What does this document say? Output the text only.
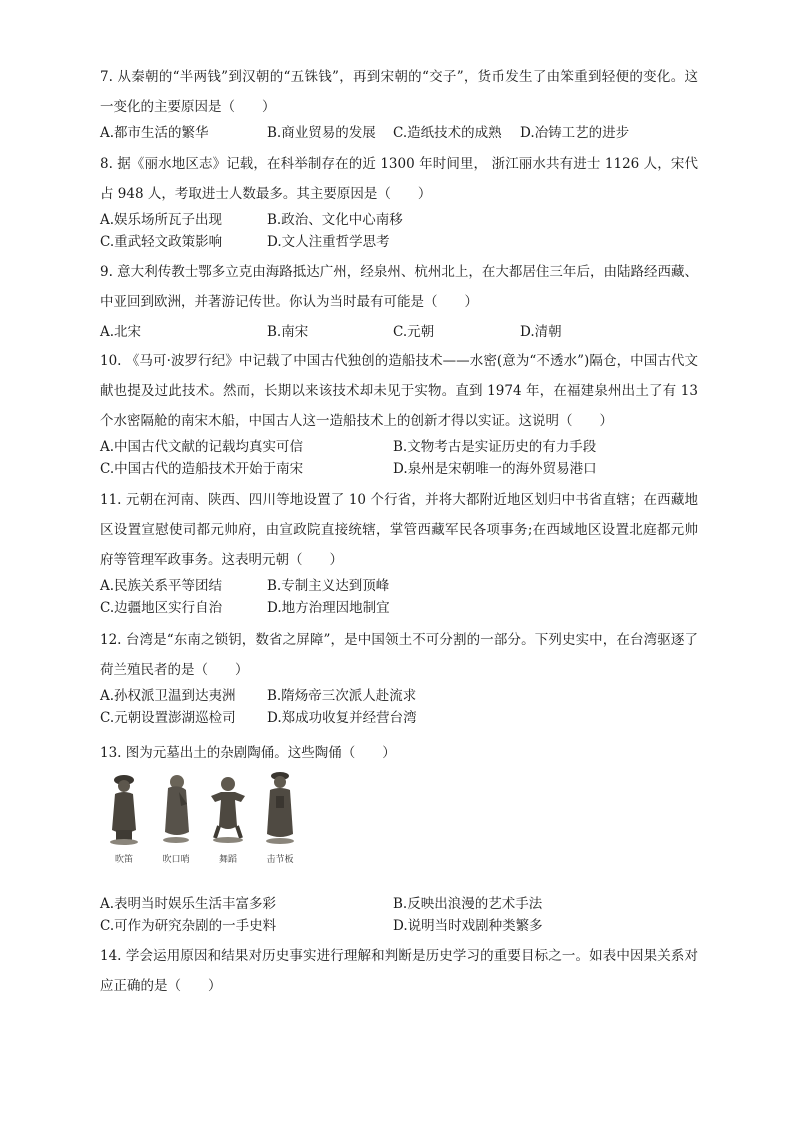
7. 从秦朝的“半两钱”到汉朝的“五铢钱”，再到宋朝的“交子”，货币发生了由笨重到轻便的变化。这一变化的主要原因是（　　）

A.都市生活的繁华	B.商业贸易的发展 C.造纸技术的成熟 D.冶铸工艺的进步

8. 据《丽水地区志》记载，在科举制存在的近 1300 年时间里， 浙江丽水共有进士 1126 人，宋代占 948 人，考取进士人数最多。其主要原因是（　　）

A.娱乐场所瓦子出现	B.政治、文化中心南移
C.重武轻文政策影响	D.文人注重哲学思考

9. 意大利传教士鄂多立克由海路抵达广州，经泉州、杭州北上，在大都居住三年后，由陆路经西藏、中亚回到欧洲，并著游记传世。你认为当时最有可能是（　　）

A.北宋	B.南宋	C.元朝	D.清朝

10. 《马可·波罗行纪》中记载了中国古代独创的造船技术——水密(意为“不透水”)隔仓，中国古代文献也提及过此技术。然而，长期以来该技术却未见于实物。直到 1974 年，在福建泉州出土了有 13 个水密隔舱的南宋木船，中国古人这一造船技术上的创新才得以实证。这说明（　　）

A.中国古代文献的记载均真实可信	B.文物考古是实证历史的有力手段
C.中国古代的造船技术开始于南宋	D.泉州是宋朝唯一的海外贸易港口

11. 元朝在河南、陕西、四川等地设置了 10 个行省，并将大都附近地区划归中书省直辖；在西藏地区设置宣慰使司都元帅府，由宣政院直接统辖，掌管西藏军民各项事务;在西域地区设置北庭都元帅府等管理军政事务。这表明元朝（　　）

A.民族关系平等团结	B.专制主义达到顶峰
C.边疆地区实行自治	D.地方治理因地制宜

12. 台湾是“东南之锁钥，数省之屏障”，是中国领土不可分割的一部分。下列史实中，在台湾驱逐了荷兰殖民者的是（　　）

A.孙权派卫温到达夷洲 B.隋炀帝三次派人赴流求
C.元朝设置澎湖巡检司 D.郑成功收复并经营台湾

13. 图为元墓出土的杂剧陶俑。这些陶俑（　　）

吹笛	吹口哨	舞蹈	击节板
A.表明当时娱乐生活丰富多彩	B.反映出浪漫的艺术手法
C.可作为研究杂剧的一手史料	D.说明当时戏剧种类繁多

14. 学会运用原因和结果对历史事实进行理解和判断是历史学习的重要目标之一。如表中因果关系对应正确的是（　　）
